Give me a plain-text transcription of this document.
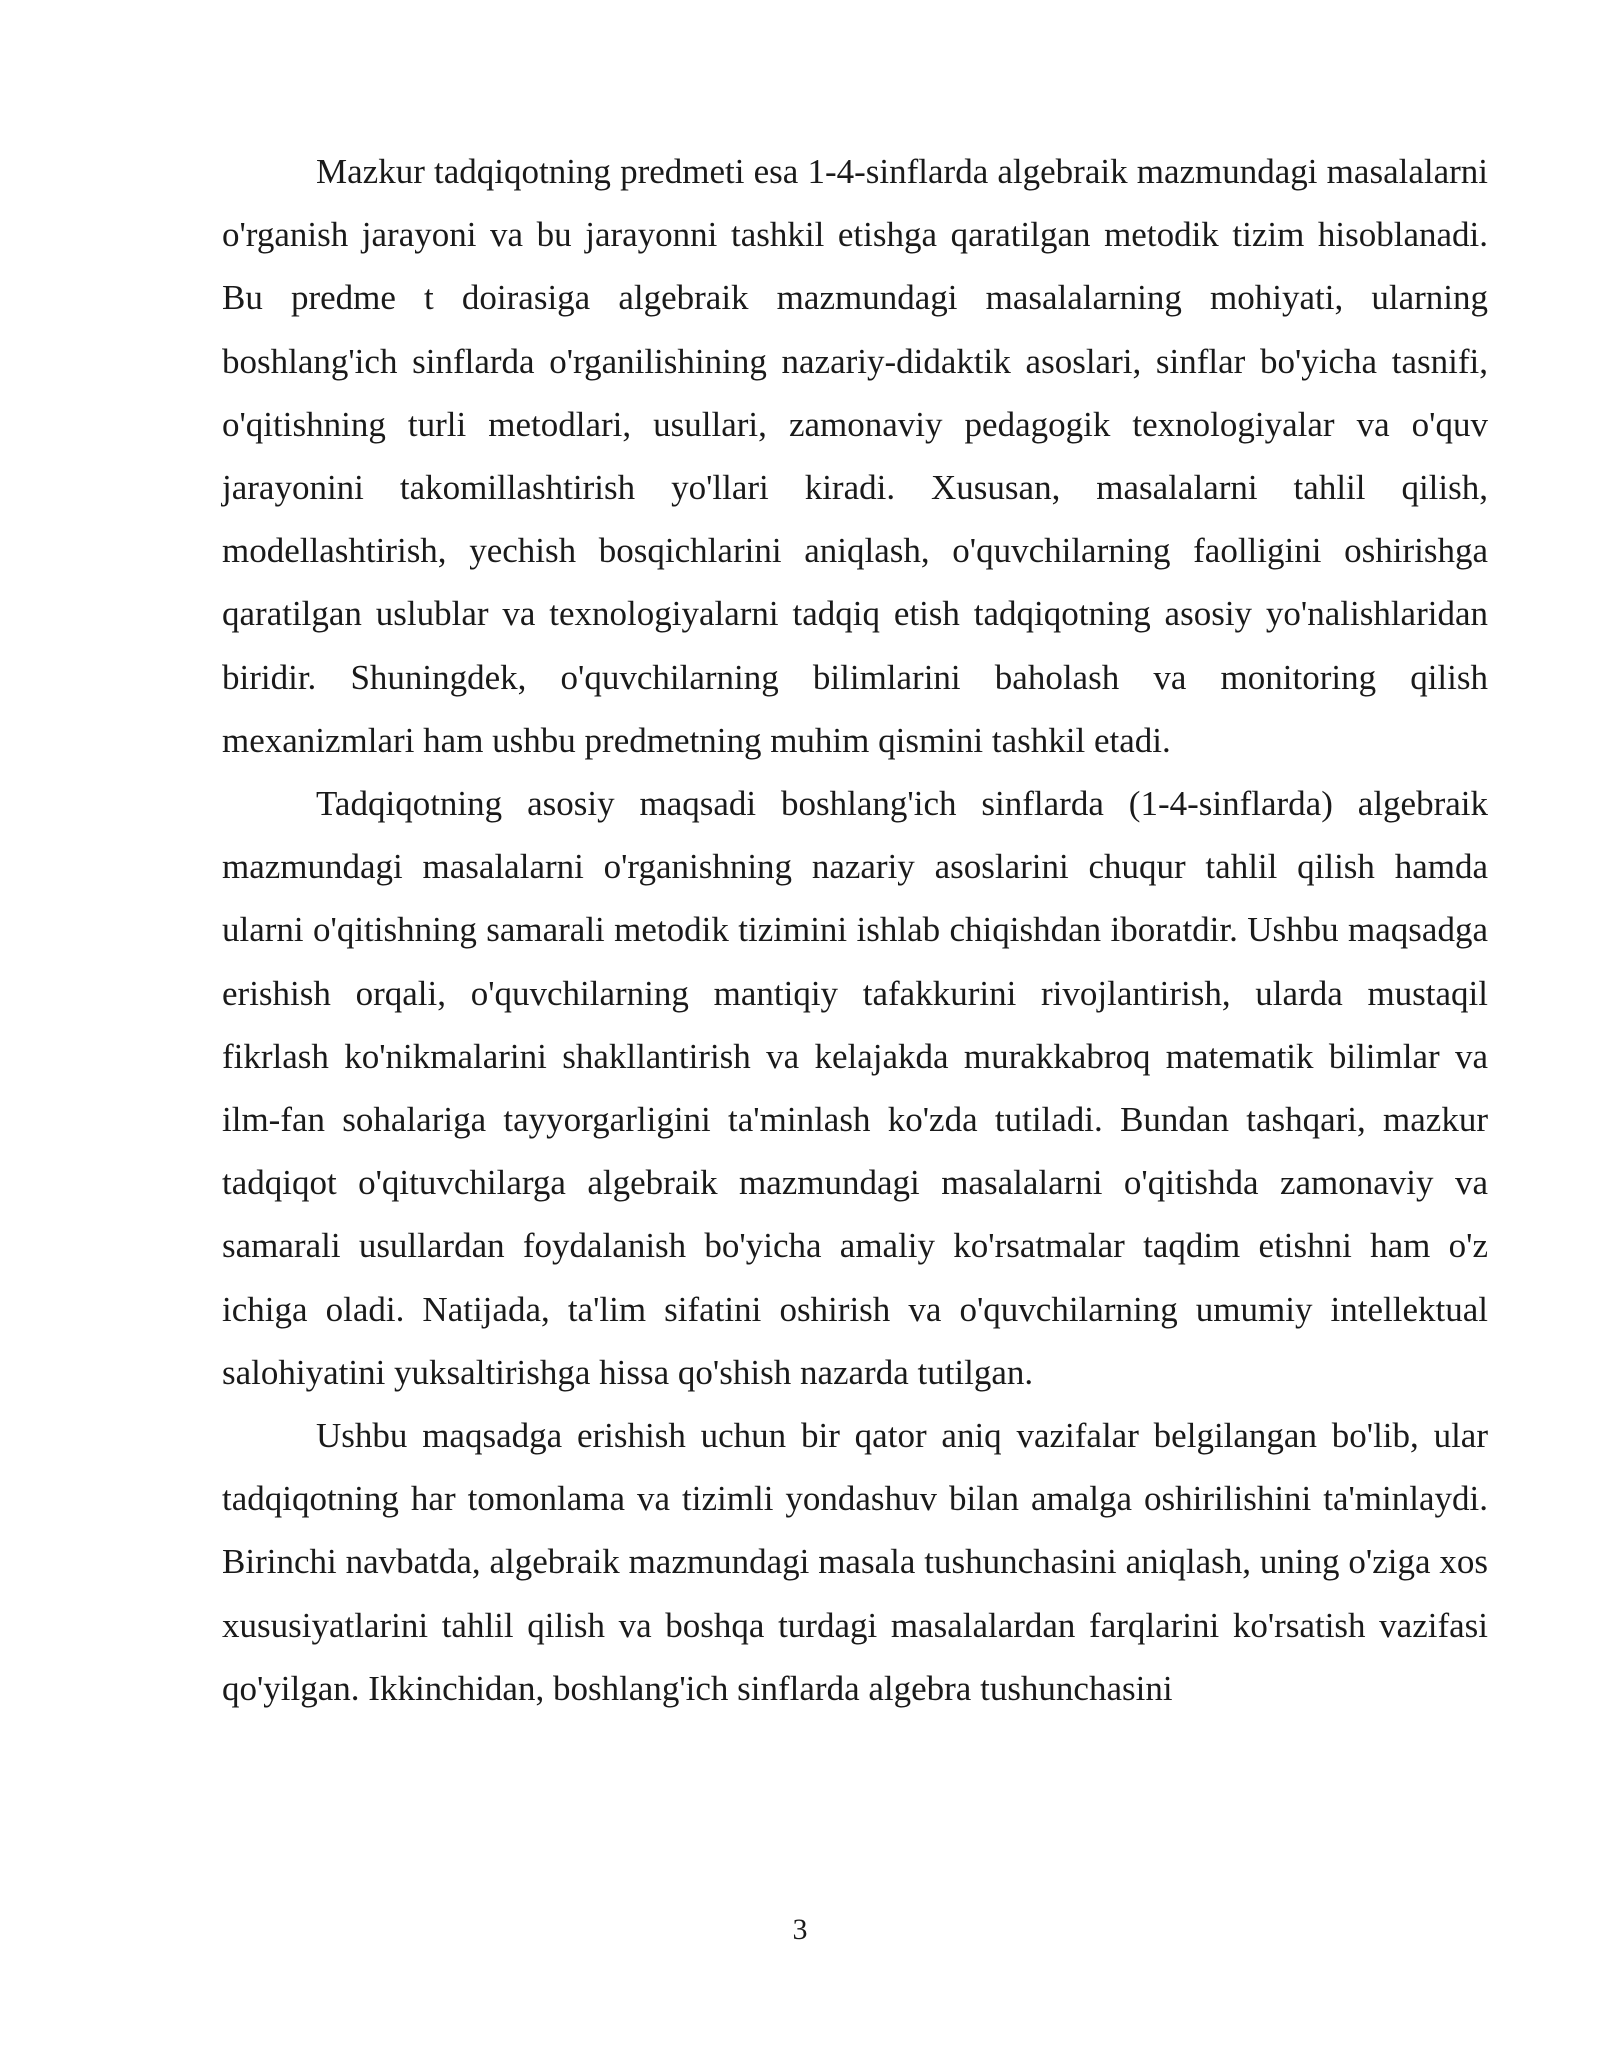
Mazkur tadqiqotning predmeti esa 1-4-sinflarda algebraik mazmundagi masalalarni o'rganish jarayoni va bu jarayonni tashkil etishga qaratilgan metodik tizim hisoblanadi. Bu predme t doirasiga algebraik mazmundagi masalalarning mohiyati, ularning boshlang'ich sinflarda o'rganilishining nazariy-didaktik asoslari, sinflar bo'yicha tasnifi, o'qitishning turli metodlari, usullari, zamonaviy pedagogik texnologiyalar va o'quv jarayonini takomillashtirish yo'llari kiradi. Xususan, masalalarni tahlil qilish, modellashtirish, yechish bosqichlarini aniqlash, o'quvchilarning faolligini oshirishga qaratilgan uslublar va texnologiyalarni tadqiq etish tadqiqotning asosiy yo'nalishlaridan biridir. Shuningdek, o'quvchilarning bilimlarini baholash va monitoring qilish mexanizmlari ham ushbu predmetning muhim qismini tashkil etadi.

Tadqiqotning asosiy maqsadi boshlang'ich sinflarda (1-4-sinflarda) algebraik mazmundagi masalalarni o'rganishning nazariy asoslarini chuqur tahlil qilish hamda ularni o'qitishning samarali metodik tizimini ishlab chiqishdan iboratdir. Ushbu maqsadga erishish orqali, o'quvchilarning mantiqiy tafakkurini rivojlantirish, ularda mustaqil fikrlash ko'nikmalarini shakllantirish va kelajakda murakkabroq matematik bilimlar va ilm-fan sohalariga tayyorgarligini ta'minlash ko'zda tutiladi. Bundan tashqari, mazkur tadqiqot o'qituvchilarga algebraik mazmundagi masalalarni o'qitishda zamonaviy va samarali usullardan foydalanish bo'yicha amaliy ko'rsatmalar taqdim etishni ham o'z ichiga oladi. Natijada, ta'lim sifatini oshirish va o'quvchilarning umumiy intellektual salohiyatini yuksaltirishga hissa qo'shish nazarda tutilgan.

Ushbu maqsadga erishish uchun bir qator aniq vazifalar belgilangan bo'lib, ular tadqiqotning har tomonlama va tizimli yondashuv bilan amalga oshirilishini ta'minlaydi. Birinchi navbatda, algebraik mazmundagi masala tushunchasini aniqlash, uning o'ziga xos xususiyatlarini tahlil qilish va boshqa turdagi masalalardan farqlarini ko'rsatish vazifasi qo'yilgan. Ikkinchidan, boshlang'ich sinflarda algebra tushunchasini

3
